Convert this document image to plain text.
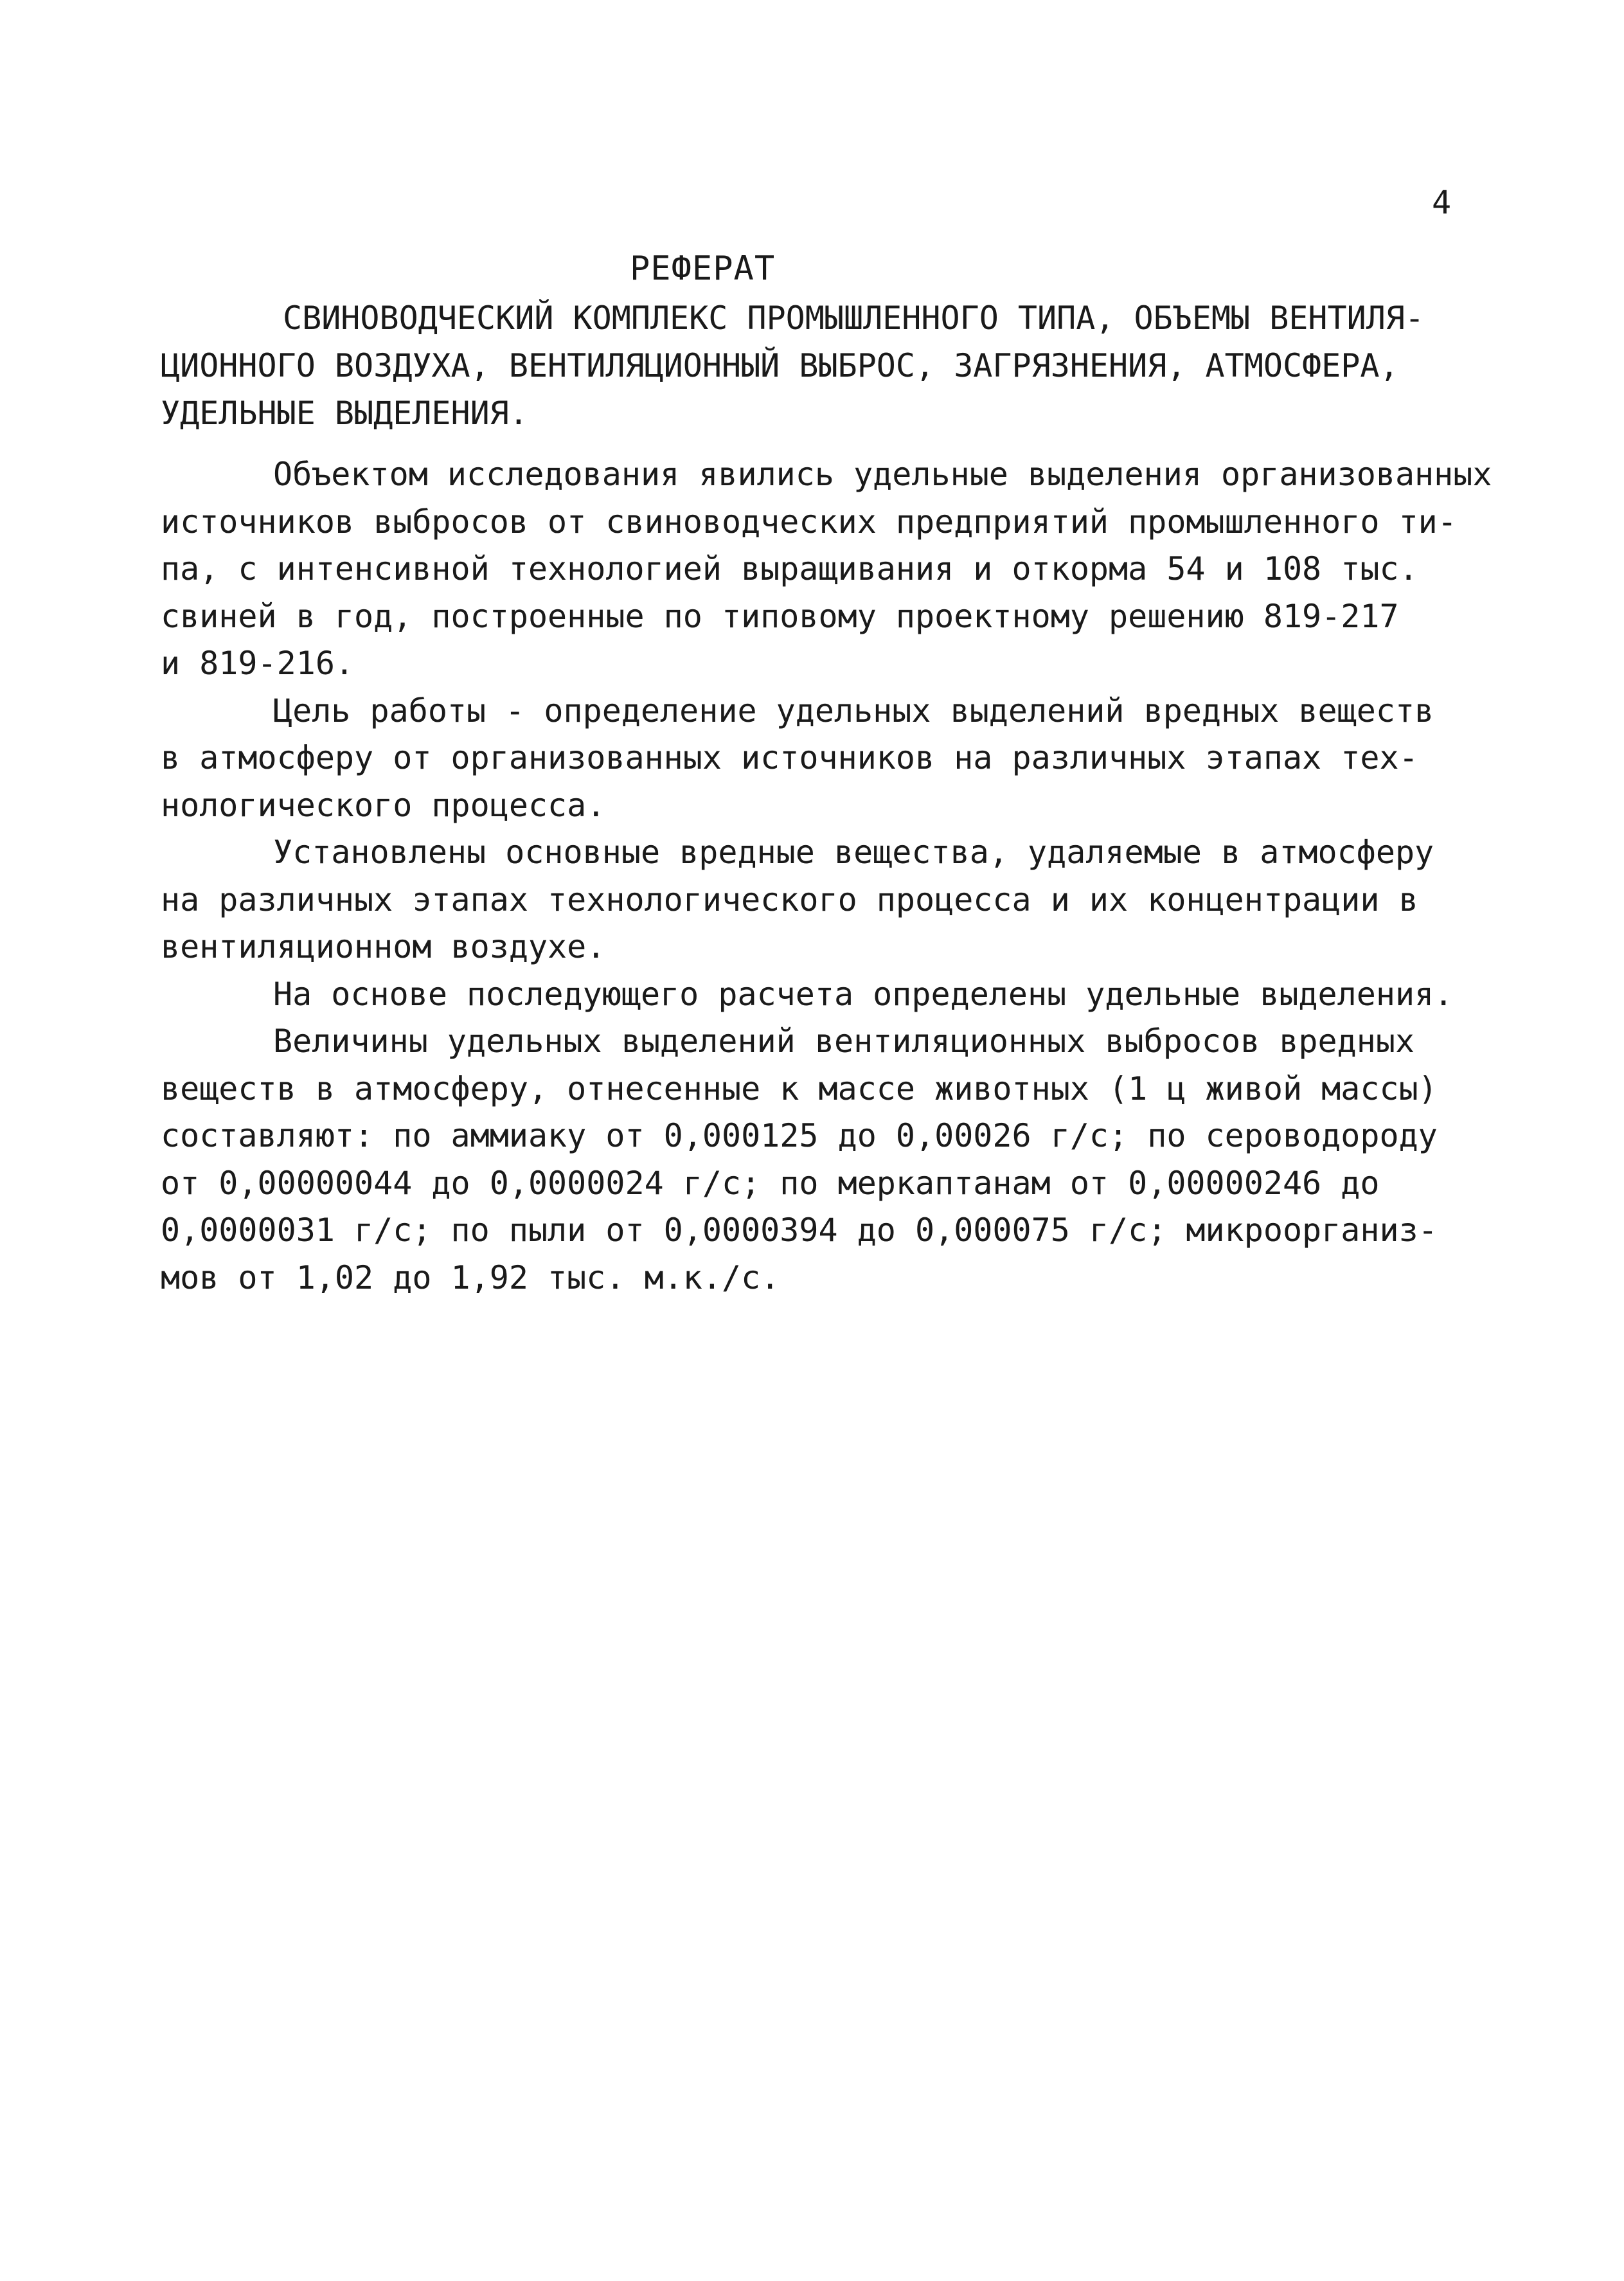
4
РЕФЕРАТ
СВИНОВОДЧЕСКИЙ КОМПЛЕКС ПРОМЫШЛЕННОГО ТИПА, ОБЪЕМЫ ВЕНТИЛЯ-
ЦИОННОГО ВОЗДУХА, ВЕНТИЛЯЦИОННЫЙ ВЫБРОС, ЗАГРЯЗНЕНИЯ, АТМОСФЕРА,
УДЕЛЬНЫЕ ВЫДЕЛЕНИЯ.
Объектом исследования явились удельные выделения организованных
источников выбросов от свиноводческих предприятий промышленного ти-
па, с интенсивной технологией выращивания и откорма 54 и 108 тыс.
свиней в год, построенные по типовому проектному решению 819-217
и 819-216.
Цель работы - определение удельных выделений вредных веществ
в атмосферу от организованных источников на различных этапах тех-
нологического процесса.
Установлены основные вредные вещества, удаляемые в атмосферу
на различных этапах технологического процесса и их концентрации в
вентиляционном воздухе.
На основе последующего расчета определены удельные выделения.
Величины удельных выделений вентиляционных выбросов вредных
веществ в атмосферу, отнесенные к массе животных (1 ц живой массы)
составляют: по аммиаку от 0,000125 до 0,00026 г/с; по сероводороду
от 0,00000044 до 0,0000024 г/с; по меркаптанам от 0,00000246 до
0,0000031 г/с; по пыли от 0,0000394 до 0,000075 г/с; микроорганиз-
мов от 1,02 до 1,92 тыс. м.к./с.
